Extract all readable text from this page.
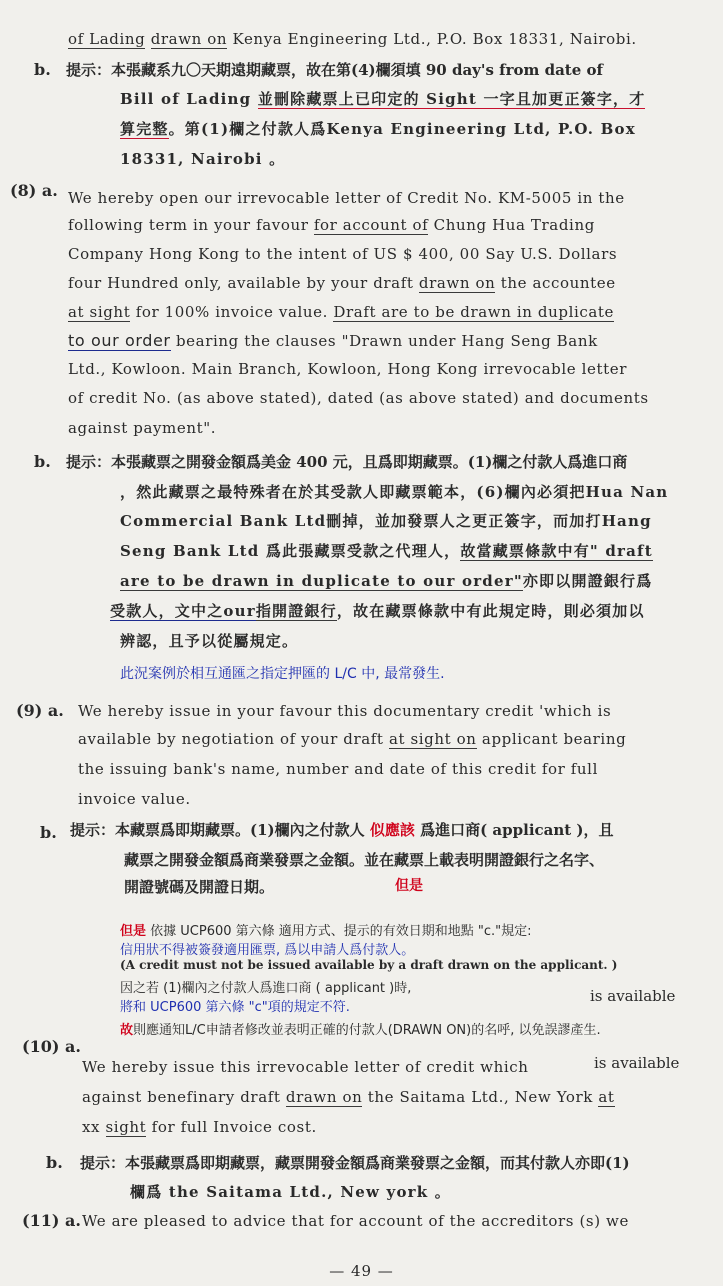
of Lading drawn on Kenya Engineering Ltd., P.O. Box 18331, Nairobi.
b. 提示：本張藏系九〇天期遠期藏票，故在第(4)欄須填 90 day's from date of
Bill of Lading 並刪除藏票上已印定的 Sight 一字且加更正簽字，才
算完整。第(1)欄之付款人爲Kenya Engineering Ltd, P.O. Box
18331, Nairobi 。
(8) a. We hereby open our irrevocable letter of Credit No. KM-5005 in the
following term in your favour for account of Chung Hua Trading
Company Hong Kong to the intent of US $ 400, 00 Say U.S. Dollars
four Hundred only, available by your draft drawn on the accountee
at sight for 100% invoice value. Draft are to be drawn in duplicate
to our order bearing the clauses "Drawn under Hang Seng Bank
Ltd., Kowloon. Main Branch, Kowloon, Hong Kong irrevocable letter
of credit No. (as above stated), dated (as above stated) and documents
against payment".
b. 提示：本張藏票之開發金額爲美金 400 元，且爲即期藏票。(1)欄之付款人爲進口商
，然此藏票之最特殊者在於其受款人即藏票範本，(6)欄內必須把Hua Nan
Commercial Bank Ltd刪掉，並加發票人之更正簽字，而加打Hang
Seng Bank Ltd 爲此張藏票受款之代理人，故當藏票條款中有" draft
are to be drawn in duplicate to our order"亦即以開證銀行爲
受款人，文中之our指開證銀行，故在藏票條款中有此規定時，則必須加以
辨認，且予以從屬規定。
此況案例於相互通匯之指定押匯的 L/C 中, 最常發生.
(9) a. We hereby issue in your favour this documentary credit 'which is
available by negotiation of your draft at sight on applicant bearing
the issuing bank's name, number and date of this credit for full
invoice value.
b. 提示：本藏票爲即期藏票。(1)欄內之付款人 似應該 爲進口商( applicant )，且
藏票之開發金額爲商業發票之金額。並在藏票上載表明開證銀行之名字、
開證號碼及開證日期。	但是
但是 依據 UCP600 第六條 適用方式、提示的有效日期和地點 "c."規定:
信用狀不得被簽發適用匯票, 爲以申請人爲付款人。
(A credit must not be issued available by a draft drawn on the applicant. )
因之若 (1)欄內之付款人爲進口商 ( applicant )時,	is available
將和 UCP600 第六條 "c"項的規定不符.
故則應通知L/C申請者修改並表明正確的付款人(DRAWN ON)的名呼, 以免誤謬產生.
(10) a.
We hereby issue this irrevocable letter of credit which	is available
against benefinary draft drawn on the Saitama Ltd., New York at
xx sight for full Invoice cost.
b. 提示：本張藏票爲即期藏票，藏票開發金額爲商業發票之金額，而其付款人亦即(1)
欄爲 the Saitama Ltd., New york 。
(11) a. We are pleased to advice that for account of the accreditors (s) we
— 49 —
